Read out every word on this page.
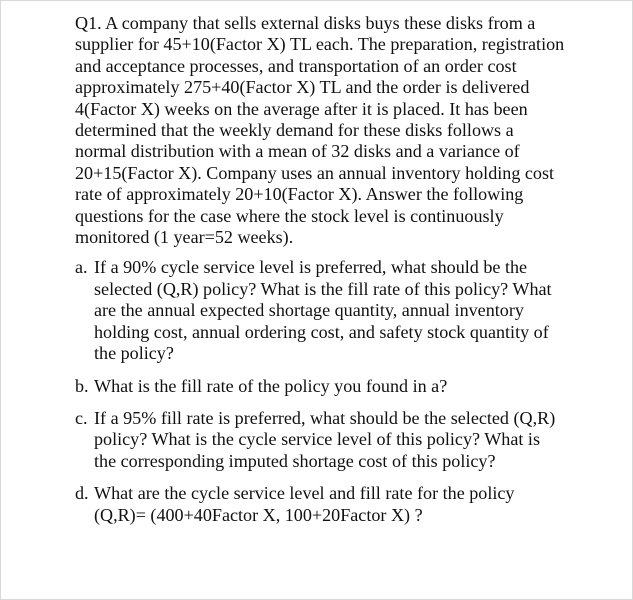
Q1. A company that sells external disks buys these disks from a supplier for 45+10(Factor X) TL each. The preparation, registration and acceptance processes, and transportation of an order cost approximately 275+40(Factor X) TL and the order is delivered 4(Factor X) weeks on the average after it is placed. It has been determined that the weekly demand for these disks follows a normal distribution with a mean of 32 disks and a variance of 20+15(Factor X). Company uses an annual inventory holding cost rate of approximately 20+10(Factor X). Answer the following questions for the case where the stock level is continuously monitored (1 year=52 weeks).

a. If a 90% cycle service level is preferred, what should be the selected (Q,R) policy? What is the fill rate of this policy? What are the annual expected shortage quantity, annual inventory holding cost, annual ordering cost, and safety stock quantity of the policy?
b. What is the fill rate of the policy you found in a?
c. If a 95% fill rate is preferred, what should be the selected (Q,R) policy? What is the cycle service level of this policy? What is the corresponding imputed shortage cost of this policy?
d. What are the cycle service level and fill rate for the policy (Q,R)= (400+40Factor X, 100+20Factor X) ?
